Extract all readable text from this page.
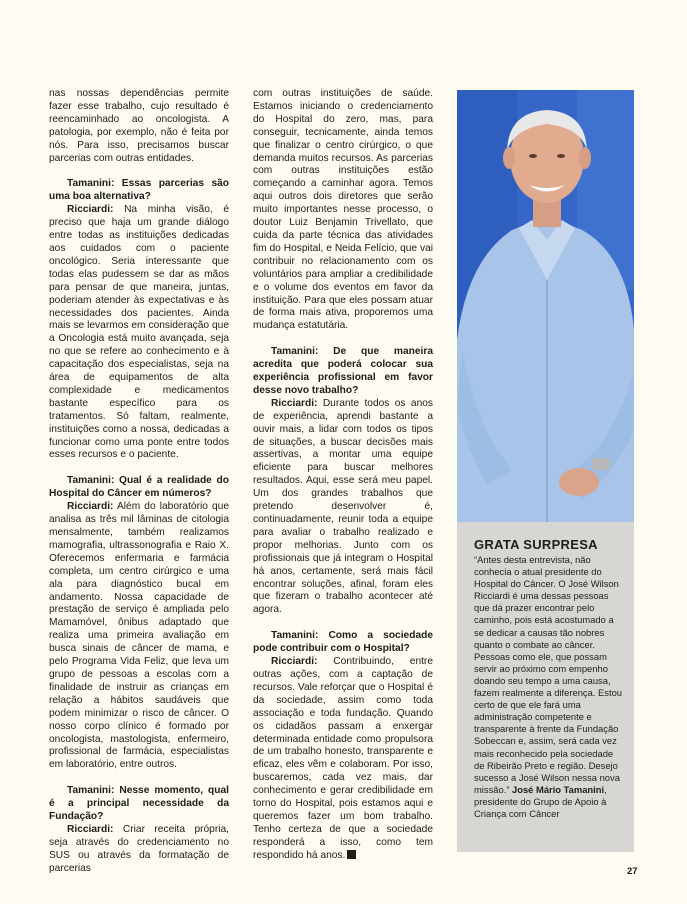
nas nossas dependências permite fazer esse trabalho, cujo resultado é reencaminhado ao oncologista. A patologia, por exemplo, não é feita por nós. Para isso, precisamos buscar parcerias com outras entidades.

Tamanini: Essas parcerias são uma boa alternativa?

Ricciardi: Na minha visão, é preciso que haja um grande diálogo entre todas as instituições dedicadas aos cuidados com o paciente oncológico. Seria interessante que todas elas pudessem se dar as mãos para pensar de que maneira, juntas, poderiam atender às expectativas e às necessidades dos pacientes. Ainda mais se levarmos em consideração que a Oncologia está muito avançada, seja no que se refere ao conhecimento e à capacitação dos especialistas, seja na área de equipamentos de alta complexidade e medicamentos bastante específico para os tratamentos. Só faltam, realmente, instituições como a nossa, dedicadas a funcionar como uma ponte entre todos esses recursos e o paciente.

Tamanini: Qual é a realidade do Hospital do Câncer em números?

Ricciardi: Além do laboratório que analisa as três mil lâminas de citologia mensalmente, também realizamos mamografia, ultrassonografia e Raio X. Oferecemos enfermaria e farmácia completa, um centro cirúrgico e uma ala para diagnóstico bucal em andamento. Nossa capacidade de prestação de serviço é ampliada pelo Mamamóvel, ônibus adaptado que realiza uma primeira avaliação em busca sinais de câncer de mama, e pelo Programa Vida Feliz, que leva um grupo de pessoas a escolas com a finalidade de instruir as crianças em relação a hábitos saudáveis que podem minimizar o risco de câncer. O nosso corpo clínico é formado por oncologista, mastologista, enfermeiro, profissional de farmácia, especialistas em laboratório, entre outros.

Tamanini: Nesse momento, qual é a principal necessidade da Fundação?

Ricciardi: Criar receita própria, seja através do credenciamento no SUS ou através da formatação de parcerias

com outras instituições de saúde. Estamos iniciando o credenciamento do Hospital do zero, mas, para conseguir, tecnicamente, ainda temos que finalizar o centro cirúrgico, o que demanda muitos recursos. As parcerias com outras instituições estão começando a caminhar agora. Temos aqui outros dois diretores que serão muito importantes nesse processo, o doutor Luiz Benjamin Trivellato, que cuida da parte técnica das atividades fim do Hospital, e Neida Felício, que vai contribuir no relacionamento com os voluntários para ampliar a credibilidade e o volume dos eventos em favor da instituição. Para que eles possam atuar de forma mais ativa, proporemos uma mudança estatutária.

Tamanini: De que maneira acredita que poderá colocar sua experiência profissional em favor desse novo trabalho?

Ricciardi: Durante todos os anos de experiência, aprendi bastante a ouvir mais, a lidar com todos os tipos de situações, a buscar decisões mais assertivas, a montar uma equipe eficiente para buscar melhores resultados. Aqui, esse será meu papel. Um dos grandes trabalhos que pretendo desenvolver é, continuadamente, reunir toda a equipe para avaliar o trabalho realizado e propor melhorias. Junto com os profissionais que já integram o Hospital há anos, certamente, será mais fácil encontrar soluções, afinal, foram eles que fizeram o trabalho acontecer até agora.

Tamanini: Como a sociedade pode contribuir com o Hospital?

Ricciardi: Contribuindo, entre outras ações, com a captação de recursos. Vale reforçar que o Hospital é da sociedade, assim como toda associação e toda fundação. Quando os cidadãos passam a enxergar determinada entidade como propulsora de um trabalho honesto, transparente e eficaz, eles vêm e colaboram. Por isso, buscaremos, cada vez mais, dar conhecimento e gerar credibilidade em torno do Hospital, pois estamos aqui e queremos fazer um bom trabalho. Tenho certeza de que a sociedade responderá a isso, como tem respondido há anos.

GRATA SURPRESA
“Antes desta entrevista, não conhecia o atual presidente do Hospital do Câncer. O José Wilson Ricciardi é uma dessas pessoas que dá prazer encontrar pelo caminho, pois está acostumado a se dedicar a causas tão nobres quanto o combate ao câncer. Pessoas como ele, que possam servir ao próximo com empenho doando seu tempo a uma causa, fazem realmente a diferença. Estou certo de que ele fará uma administração competente e transparente à frente da Fundação Sobeccan e, assim, será cada vez mais reconhecido pela sociedade de Ribeirão Preto e região. Desejo sucesso a José Wilson nessa nova missão.” José Mário Tamanini, presidente do Grupo de Apoio à Criança com Câncer
27
